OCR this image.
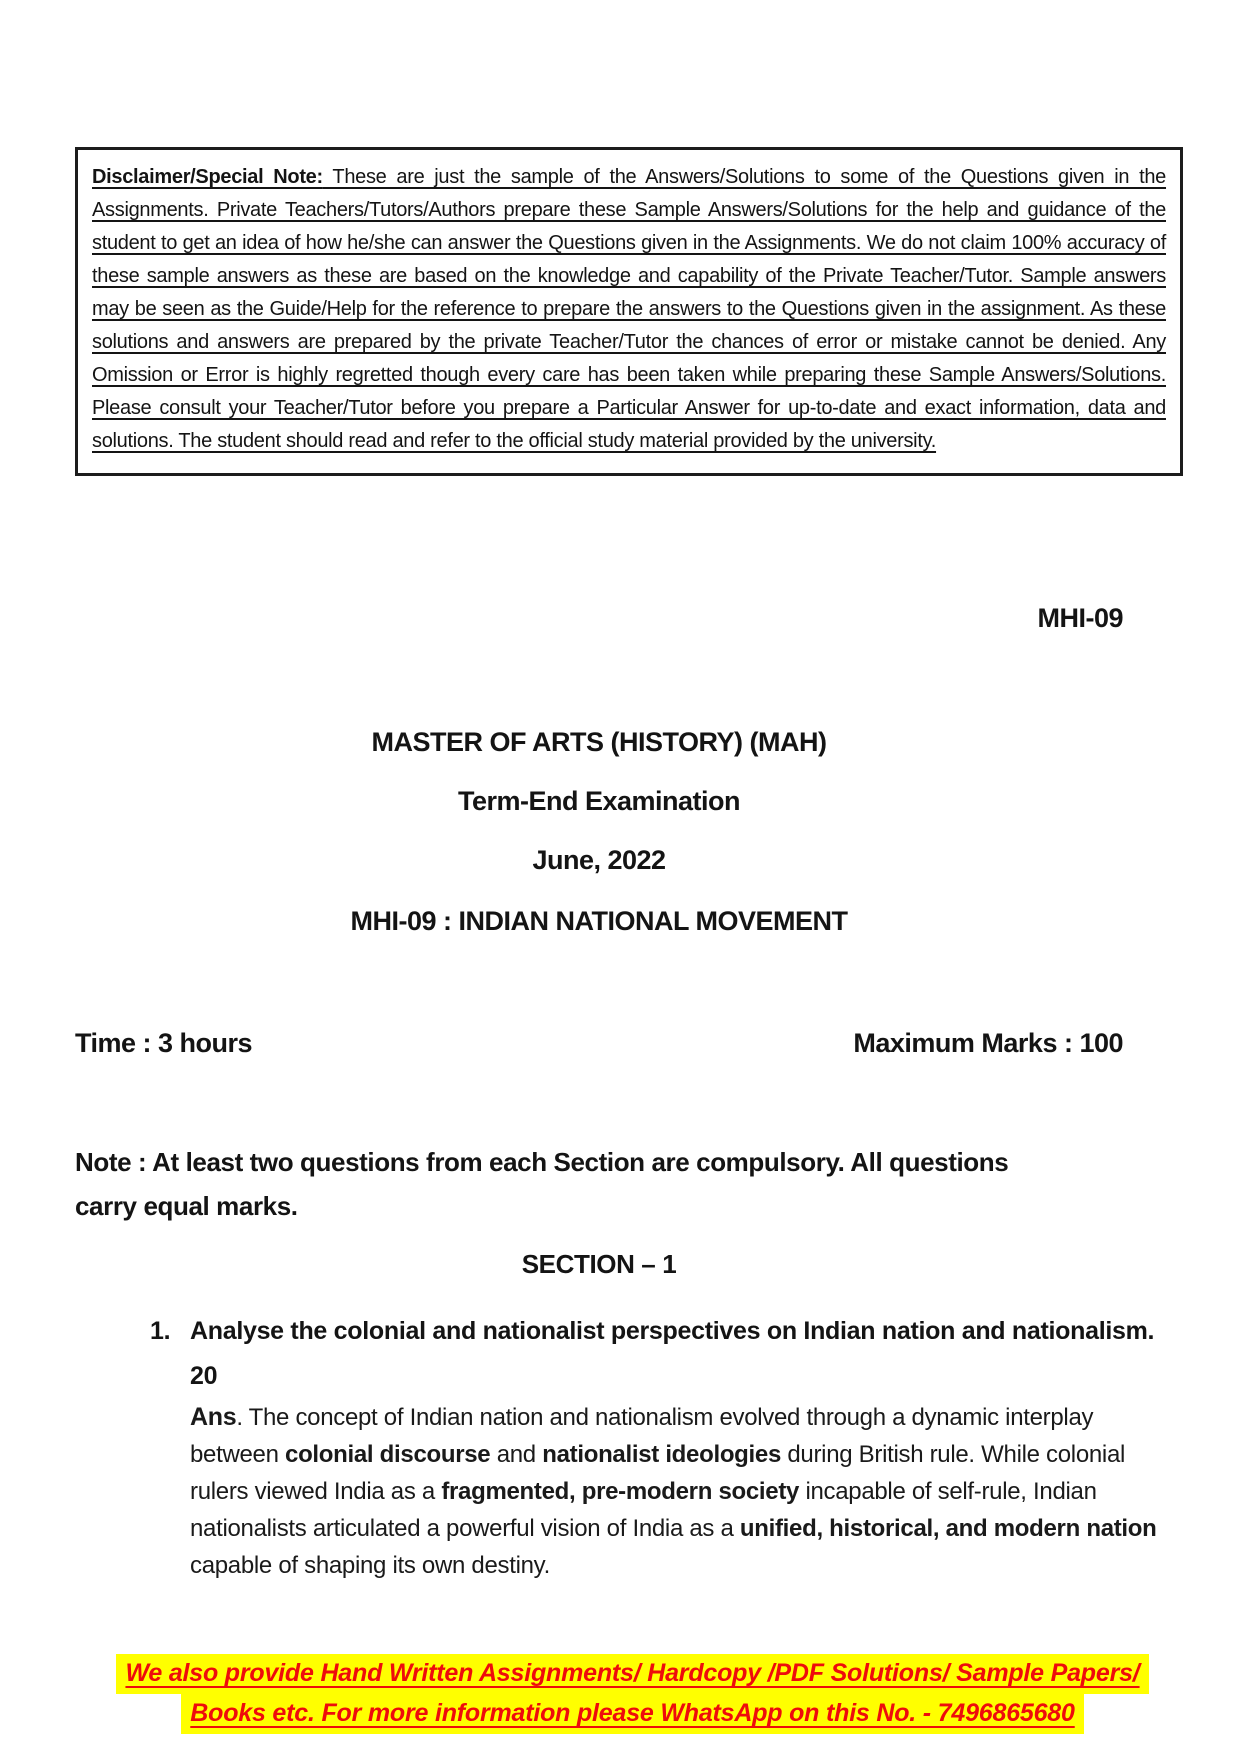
Disclaimer/Special Note: These are just the sample of the Answers/Solutions to some of the Questions given in the Assignments. Private Teachers/Tutors/Authors prepare these Sample Answers/Solutions for the help and guidance of the student to get an idea of how he/she can answer the Questions given in the Assignments. We do not claim 100% accuracy of these sample answers as these are based on the knowledge and capability of the Private Teacher/Tutor. Sample answers may be seen as the Guide/Help for the reference to prepare the answers to the Questions given in the assignment. As these solutions and answers are prepared by the private Teacher/Tutor the chances of error or mistake cannot be denied. Any Omission or Error is highly regretted though every care has been taken while preparing these Sample Answers/Solutions. Please consult your Teacher/Tutor before you prepare a Particular Answer for up-to-date and exact information, data and solutions. The student should read and refer to the official study material provided by the university.

MHI-09
MASTER OF ARTS (HISTORY) (MAH)
Term-End Examination
June, 2022
MHI-09 : INDIAN NATIONAL MOVEMENT
Time : 3 hours	Maximum Marks : 100

Note : At least two questions from each Section are compulsory. All questions carry equal marks.

SECTION – 1
1. Analyse the colonial and nationalist perspectives on Indian nation and nationalism. 20

Ans. The concept of Indian nation and nationalism evolved through a dynamic interplay between colonial discourse and nationalist ideologies during British rule. While colonial rulers viewed India as a fragmented, pre-modern society incapable of self-rule, Indian nationalists articulated a powerful vision of India as a unified, historical, and modern nation capable of shaping its own destiny.

We also provide Hand Written Assignments/ Hardcopy /PDF Solutions/ Sample Papers/
Books etc. For more information please WhatsApp on this No. - 7496865680
